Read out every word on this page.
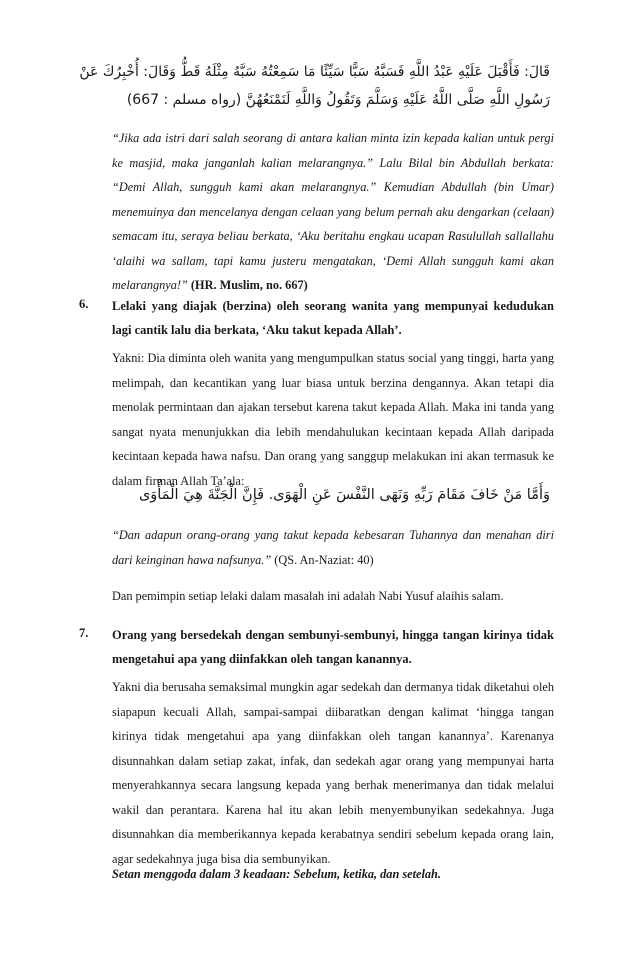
قَالَ: فَأَقْبَلَ عَلَيْهِ عَبْدُ اللَّهِ فَسَبَّهُ سَبًّا سَيِّئًا مَا سَمِعْتُهُ سَبَّهُ مِثْلَهُ قَطُّ وَقَالَ: أُخْبِرُكَ عَنْ
رَسُولِ اللَّهِ صَلَّى اللَّهُ عَلَيْهِ وَسَلَّمَ وَتَقُولُ وَاللَّهِ لَنَمْنَعُهُنَّ (رواه مسلم : 667)
“Jika ada istri dari salah seorang di antara kalian minta izin kepada kalian untuk pergi ke masjid, maka janganlah kalian melarangnya.” Lalu Bilal bin Abdullah berkata: “Demi Allah, sungguh kami akan melarangnya.” Kemudian Abdullah (bin Umar) menemuinya dan mencelanya dengan celaan yang belum pernah aku dengarkan (celaan) semacam itu, seraya beliau berkata, ‘Aku beritahu engkau ucapan Rasulullah sallallahu ‘alaihi wa sallam, tapi kamu justeru mengatakan, ‘Demi Allah sungguh kami akan melarangnya!” (HR. Muslim, no. 667)
6. Lelaki yang diajak (berzina) oleh seorang wanita yang mempunyai kedudukan lagi cantik lalu dia berkata, ‘Aku takut kepada Allah’.
Yakni: Dia diminta oleh wanita yang mengumpulkan status social yang tinggi, harta yang melimpah, dan kecantikan yang luar biasa untuk berzina dengannya. Akan tetapi dia menolak permintaan dan ajakan tersebut karena takut kepada Allah. Maka ini tanda yang sangat nyata menunjukkan dia lebih mendahulukan kecintaan kepada Allah daripada kecintaan kepada hawa nafsu. Dan orang yang sanggup melakukan ini akan termasuk ke dalam firman Allah Ta’ala:
وَأَمَّا مَنْ خَافَ مَقَامَ رَبِّهِ وَنَهَى النَّفْسَ عَنِ الْهَوَى. فَإِنَّ الْجَنَّةَ هِيَ الْمَأْوَى
“Dan adapun orang-orang yang takut kepada kebesaran Tuhannya dan menahan diri dari keinginan hawa nafsunya.” (QS. An-Naziat: 40)
Dan pemimpin setiap lelaki dalam masalah ini adalah Nabi Yusuf alaihis salam.
7. Orang yang bersedekah dengan sembunyi-sembunyi, hingga tangan kirinya tidak mengetahui apa yang diinfakkan oleh tangan kanannya.
Yakni dia berusaha semaksimal mungkin agar sedekah dan dermanya tidak diketahui oleh siapapun kecuali Allah, sampai-sampai diibaratkan dengan kalimat ‘hingga tangan kirinya tidak mengetahui apa yang diinfakkan oleh tangan kanannya’. Karenanya disunnahkan dalam setiap zakat, infak, dan sedekah agar orang yang mempunyai harta menyerahkannya secara langsung kepada yang berhak menerimanya dan tidak melalui wakil dan perantara. Karena hal itu akan lebih menyembunyikan sedekahnya. Juga disunnahkan dia memberikannya kepada kerabatnya sendiri sebelum kepada orang lain, agar sedekahnya juga bisa dia sembunyikan.
Setan menggoda dalam 3 keadaan: Sebelum, ketika, dan setelah.
